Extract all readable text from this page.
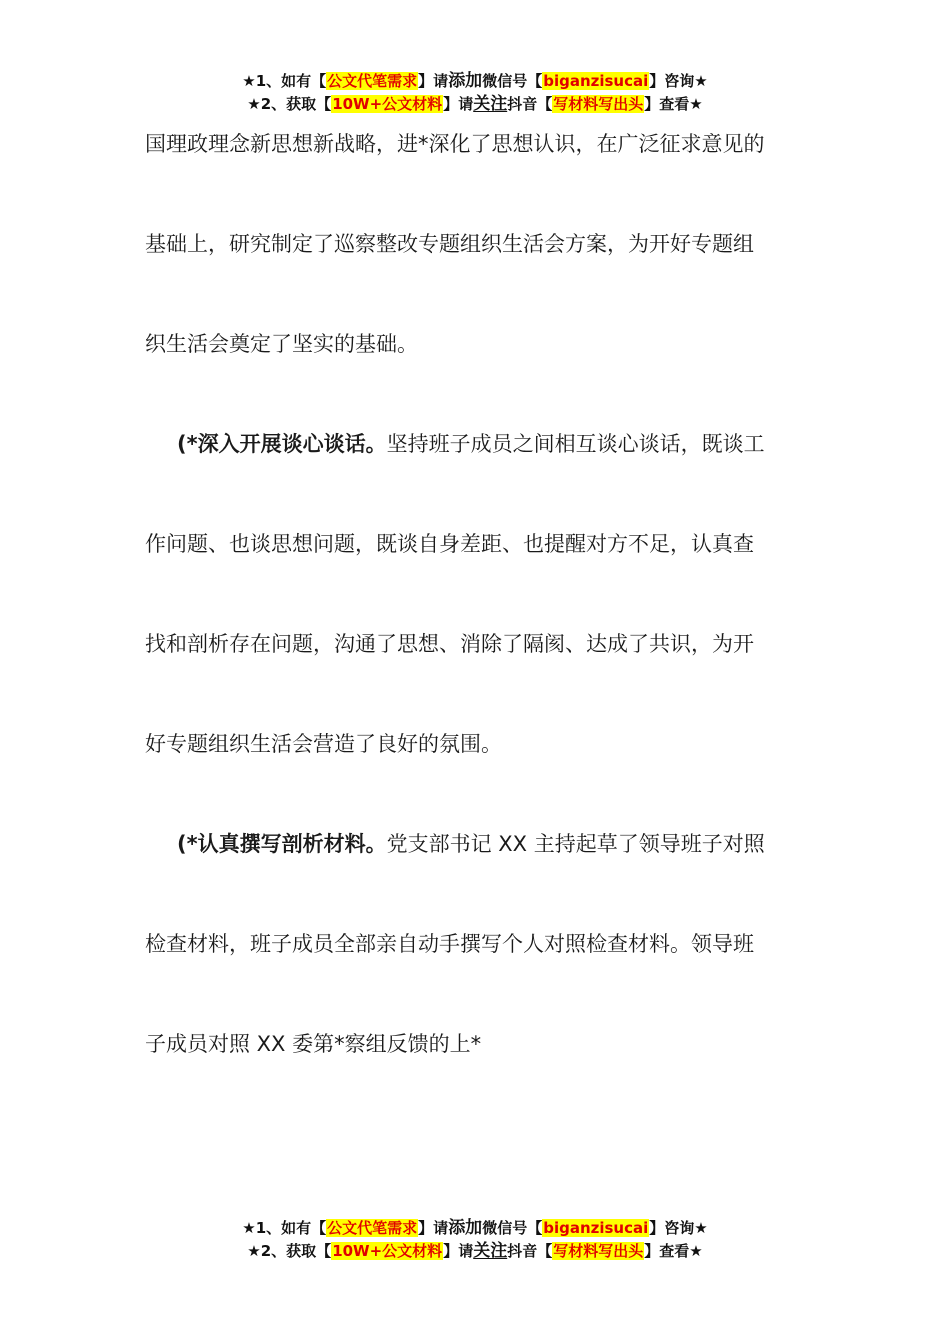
★1、如有【公文代笔需求】请添加微信号【biganzisucai】咨询★
★2、获取【10W+公文材料】请关注抖音【写材料写出头】查看★
国理政理念新思想新战略，进*深化了思想认识，在广泛征求意见的
基础上，研究制定了巡察整改专题组织生活会方案，为开好专题组
织生活会奠定了坚实的基础。
(*深入开展谈心谈话。坚持班子成员之间相互谈心谈话，既谈工
作问题、也谈思想问题，既谈自身差距、也提醒对方不足，认真查
找和剖析存在问题，沟通了思想、消除了隔阂、达成了共识，为开
好专题组织生活会营造了良好的氛围。
(*认真撰写剖析材料。党支部书记 XX 主持起草了领导班子对照
检查材料，班子成员全部亲自动手撰写个人对照检查材料。领导班
子成员对照 XX 委第*察组反馈的上*
★1、如有【公文代笔需求】请添加微信号【biganzisucai】咨询★
★2、获取【10W+公文材料】请关注抖音【写材料写出头】查看★
